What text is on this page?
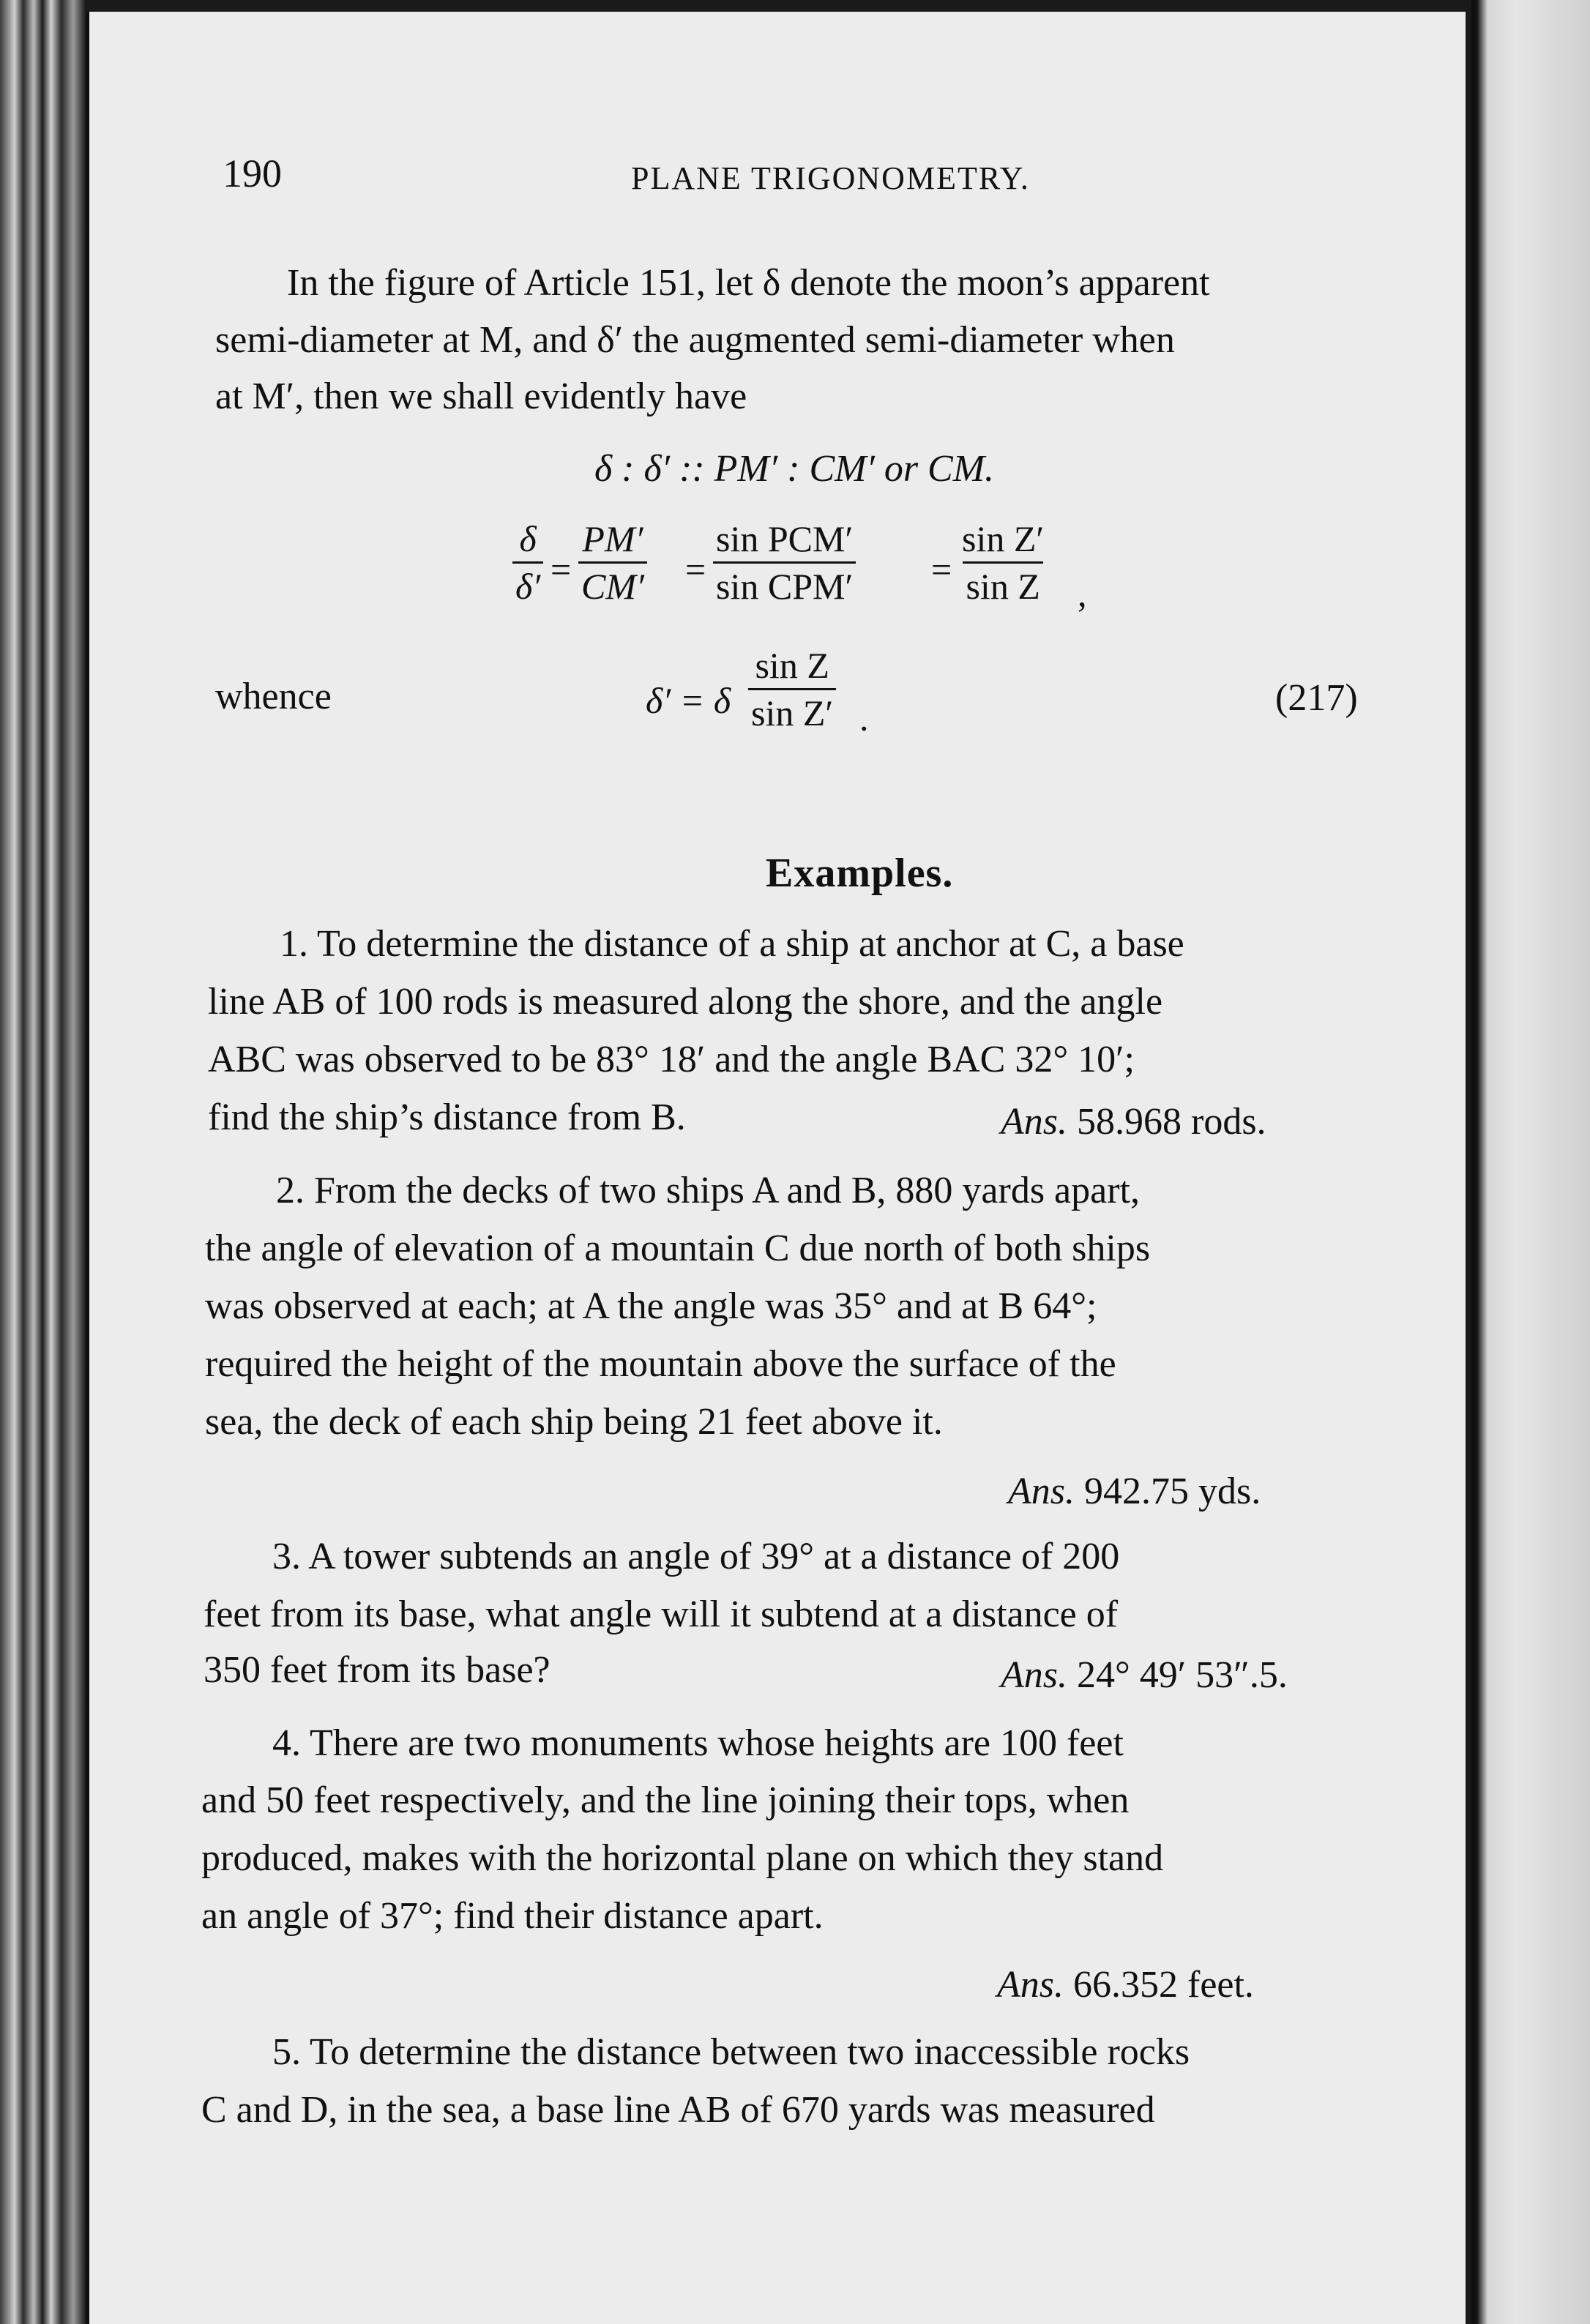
190	PLANE TRIGONOMETRY.
In the figure of Article 151, let δ denote the moon’s apparent
semi-diameter at M, and δ′ the augmented semi-diameter when
at M′, then we shall evidently have
δ : δ′ :: PM′ : CM′ or CM.
$\frac{\delta}{\delta'} = \frac{PM'}{CM'}$ =
sin PCM′
$\sin CPM' = \frac{\text{sin Z′}}{\text{sin Z}}$ ,
whence	δ′ = δ $\frac{\text{sin Z}}{\text{sin Z′}}$ .	(217)
Examples.
1. To determine the distance of a ship at anchor at C, a base
line AB of 100 rods is measured along the shore, and the angle
ABC was observed to be 83° 18′ and the angle BAC 32° 10′;
find the ship’s distance from B.	Ans. 58.968 rods.
2. From the decks of two ships A and B, 880 yards apart,
the angle of elevation of a mountain C due north of both ships
was observed at each; at A the angle was 35° and at B 64°;
required the height of the mountain above the surface of the
sea, the deck of each ship being 21 feet above it.
Ans. 942.75 yds.
3. A tower subtends an angle of 39° at a distance of 200
feet from its base, what angle will it subtend at a distance of
350 feet from its base?	Ans. 24° 49′ 53″.5.
4. There are two monuments whose heights are 100 feet
and 50 feet respectively, and the line joining their tops, when
produced, makes with the horizontal plane on which they stand
an angle of 37°; find their distance apart.
Ans. 66.352 feet.
5. To determine the distance between two inaccessible rocks
C and D, in the sea, a base line AB of 670 yards was measured
